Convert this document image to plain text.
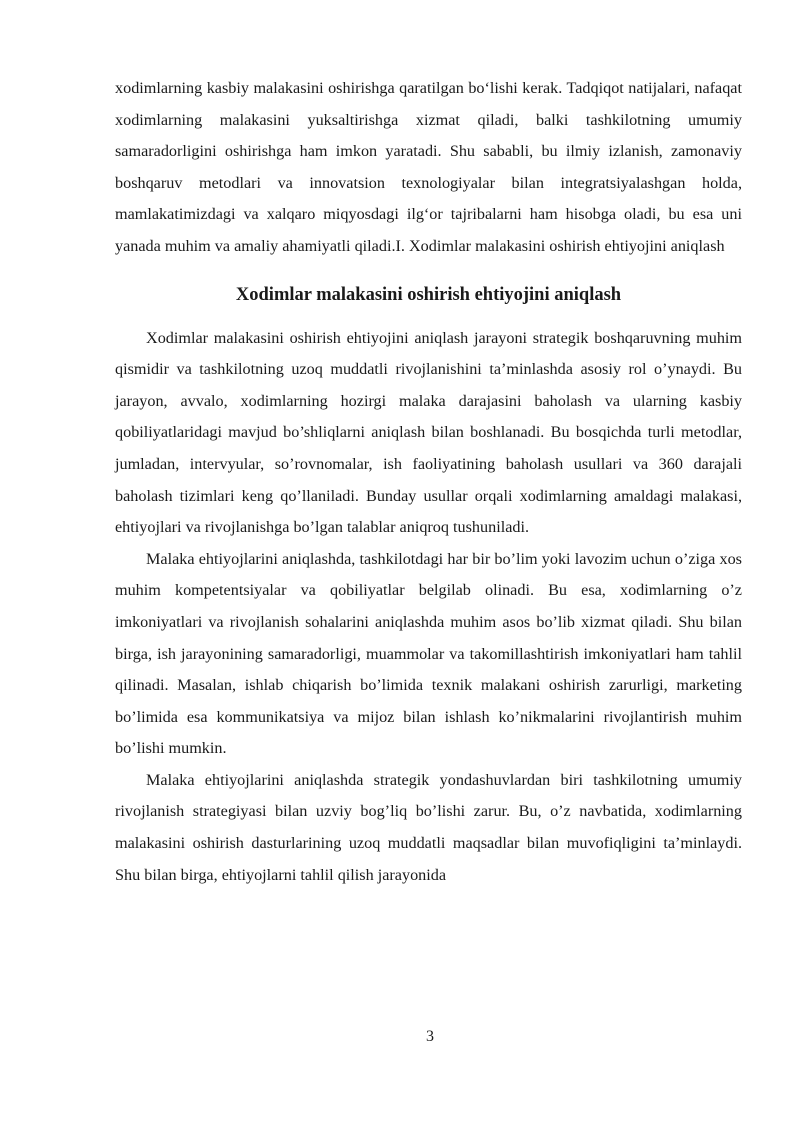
xodimlarning kasbiy malakasini oshirishga qaratilgan bo‘lishi kerak. Tadqiqot natijalari, nafaqat xodimlarning malakasini yuksaltirishga xizmat qiladi, balki tashkilotning umumiy samaradorligini oshirishga ham imkon yaratadi. Shu sababli, bu ilmiy izlanish, zamonaviy boshqaruv metodlari va innovatsion texnologiyalar bilan integratsiyalashgan holda, mamlakatimizdagi va xalqaro miqyosdagi ilg‘or tajribalarni ham hisobga oladi, bu esa uni yanada muhim va amaliy ahamiyatli qiladi.I. Xodimlar malakasini oshirish ehtiyojini aniqlash

Xodimlar malakasini oshirish ehtiyojini aniqlash

Xodimlar malakasini oshirish ehtiyojini aniqlash jarayoni strategik boshqaruvning muhim qismidir va tashkilotning uzoq muddatli rivojlanishini ta’minlashda asosiy rol o’ynaydi. Bu jarayon, avvalo, xodimlarning hozirgi malaka darajasini baholash va ularning kasbiy qobiliyatlaridagi mavjud bo’shliqlarni aniqlash bilan boshlanadi. Bu bosqichda turli metodlar, jumladan, intervyular, so’rovnomalar, ish faoliyatining baholash usullari va 360 darajali baholash tizimlari keng qo’llaniladi. Bunday usullar orqali xodimlarning amaldagi malakasi, ehtiyojlari va rivojlanishga bo’lgan talablar aniqroq tushuniladi.

Malaka ehtiyojlarini aniqlashda, tashkilotdagi har bir bo’lim yoki lavozim uchun o’ziga xos muhim kompetentsiyalar va qobiliyatlar belgilab olinadi. Bu esa, xodimlarning o’z imkoniyatlari va rivojlanish sohalarini aniqlashda muhim asos bo’lib xizmat qiladi. Shu bilan birga, ish jarayonining samaradorligi, muammolar va takomillashtirish imkoniyatlari ham tahlil qilinadi. Masalan, ishlab chiqarish bo’limida texnik malakani oshirish zarurligi, marketing bo’limida esa kommunikatsiya va mijoz bilan ishlash ko’nikmalarini rivojlantirish muhim bo’lishi mumkin.

Malaka ehtiyojlarini aniqlashda strategik yondashuvlardan biri tashkilotning umumiy rivojlanish strategiyasi bilan uzviy bog’liq bo’lishi zarur. Bu, o’z navbatida, xodimlarning malakasini oshirish dasturlarining uzoq muddatli maqsadlar bilan muvofiqligini ta’minlaydi. Shu bilan birga, ehtiyojlarni tahlil qilish jarayonida

3
